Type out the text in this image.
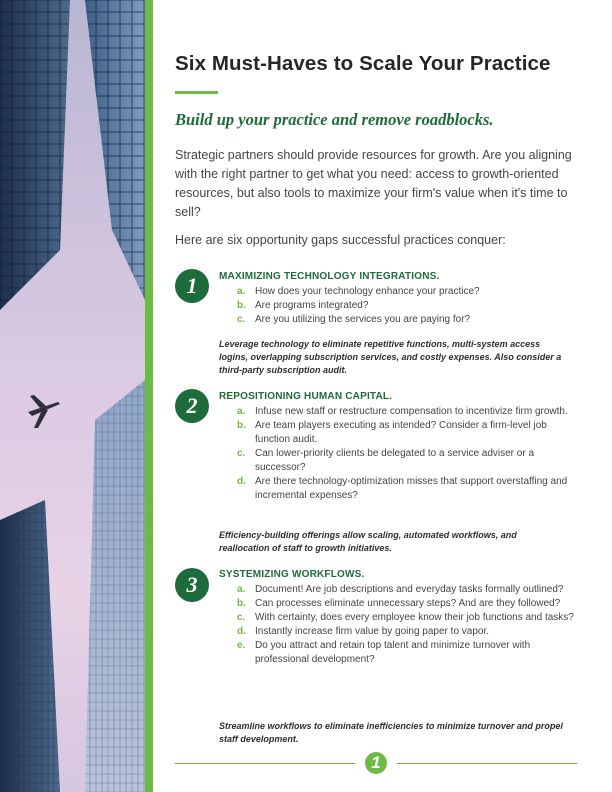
Six Must-Haves to Scale Your Practice
Build up your practice and remove roadblocks.

Strategic partners should provide resources for growth. Are you aligning with the right partner to get what you need: access to growth-oriented resources, but also tools to maximize your firm's value when it's time to sell?

Here are six opportunity gaps successful practices conquer:

1	MAXIMIZING TECHNOLOGY INTEGRATIONS.
a. How does your technology enhance your practice?
b. Are programs integrated?
c. Are you utilizing the services you are paying for?

Leverage technology to eliminate repetitive functions, multi-system access logins, overlapping subscription services, and costly expenses. Also consider a third-party subscription audit.

2	REPOSITIONING HUMAN CAPITAL.
a. Infuse new staff or restructure compensation to incentivize firm growth.
b. Are team players executing as intended? Consider a firm-level job function audit.
c. Can lower-priority clients be delegated to a service adviser or a successor?
d. Are there technology-optimization misses that support overstaffing and incremental expenses?

Efficiency-building offerings allow scaling, automated workflows, and reallocation of staff to growth initiatives.

3	SYSTEMIZING WORKFLOWS.
a. Document! Are job descriptions and everyday tasks formally outlined?
b. Can processes eliminate unnecessary steps? And are they followed?
c. With certainty, does every employee know their job functions and tasks?
d. Instantly increase firm value by going paper to vapor.
e. Do you attract and retain top talent and minimize turnover with professional development?

Streamline workflows to eliminate inefficiencies to minimize turnover and propel staff development.

1
